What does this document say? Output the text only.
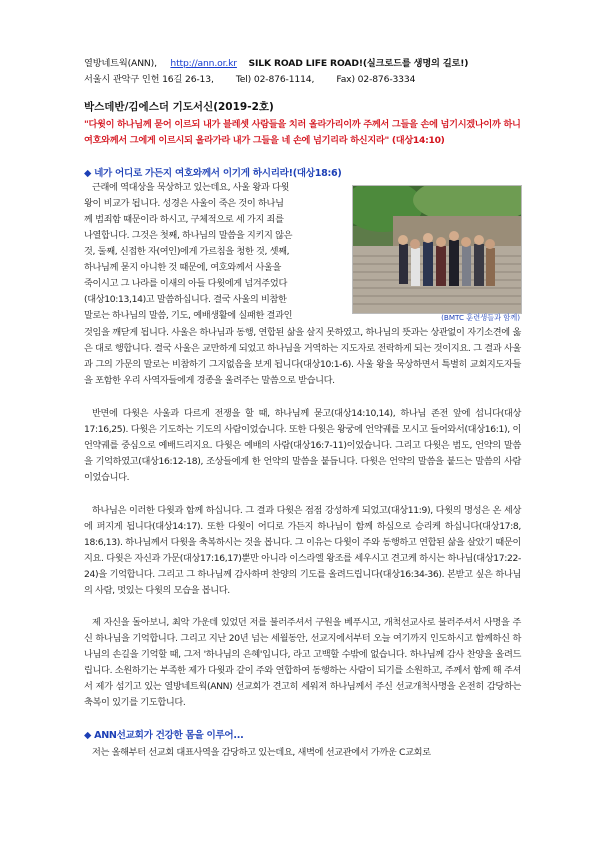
열방네트웍(ANN), http://ann.or.kr SILK ROAD LIFE ROAD!(실크로드를 생명의 길로!)
서울시 관악구 인헌 16길 26-13,        Tel) 02-876-1114,        Fax) 02-876-3334
박스데반/김에스더 기도서신(2019-2호)
"다윗이 하나님께 묻어 이르되 내가 블레셋 사람들을 치러 올라가리이까 주께서 그들을 손에 넘기시겠나이까 하니 여호와께서 그에게 이르시되 올라가라 내가 그들을 네 손에 넘기리라 하신지라" (대상14:10)
◆ 네가 어디로 가든지 여호와께서 이기게 하시리라!(대상18:6)
(BMTC 훈련생들과 함께)
근래에 역대상을 묵상하고 있는데요, 사울 왕과 다윗
왕이 비교가 됩니다. 성경은 사울이 죽은 것이 하나님
께 범죄함 때문이라 하시고, 구체적으로 세 가지 죄를
나열합니다. 그것은 첫째, 하나님의 말씀을 지키지 않은
것, 둘째, 신접한 자(여인)에게 가르침을 청한 것, 셋째,
하나님께 묻지 아니한 것 때문에, 여호와께서 사울을
죽이시고 그 나라를 이새의 아들 다윗에게 넘겨주었다
(대상10:13,14)고 말씀하십니다. 결국 사울의 비참한
말로는 하나님의 말씀, 기도, 예배생활에 실패한 결과인
것임을 깨닫게 됩니다. 사울은 하나님과 동행, 연합된 삶을 살지 못하였고, 하나님의 뜻과는 상관없이 자기소견에 옳은 대로 행합니다. 결국 사울은 교만하게 되었고 하나님을 거역하는 지도자로 전락하게 되는 것이지요. 그 결과 사울과 그의 가문의 말로는 비참하기 그지없음을 보게 됩니다(대상10:1-6). 사울 왕을 묵상하면서 특별히 교회지도자들을 포함한 우리 사역자들에게 경종을 울려주는 말씀으로 받습니다.
반면에 다윗은 사울과 다르게 전쟁을 할 때, 하나님께 묻고(대상14:10,14), 하나님 존전 앞에 섭니다(대상17:16,25). 다윗은 기도하는 기도의 사람이었습니다. 또한 다윗은 왕궁에 언약궤를 모시고 들어와서(대상16:1), 이 언약궤를 중심으로 예배드리지요. 다윗은 예배의 사람(대상16:7-11)이었습니다. 그리고 다윗은 범도, 언약의 말씀을 기억하였고(대상16:12-18), 조상들에게 한 언약의 말씀을 붙듭니다. 다윗은 언약의 말씀을 붙드는 말씀의 사람이었습니다.
하나님은 이러한 다윗과 함께 하십니다. 그 결과 다윗은 점점 강성하게 되었고(대상11:9), 다윗의 명성은 온 세상에 퍼지게 됩니다(대상14:17). 또한 다윗이 어디로 가든지 하나님이 함께 하심으로 승리케 하십니다(대상17:8, 18:6,13). 하나님께서 다윗을 축복하시는 것을 봅니다. 그 이유는 다윗이 주와 동행하고 연합된 삶을 살았기 때문이지요. 다윗은 자신과 가문(대상17:16,17)뿐만 아니라 이스라엘 왕조를 세우시고 견고케 하시는 하나님(대상17:22-24)을 기억합니다. 그리고 그 하나님께 감사하며 찬양의 기도를 올려드립니다(대상16:34-36). 본받고 싶은 하나님의 사람, 멋있는 다윗의 모습을 봅니다.
제 자신을 돌아보니, 최악 가운데 있었던 저를 불러주셔서 구원을 베푸시고, 개척선교사로 불러주셔서 사명을 주신 하나님을 기억합니다. 그리고 지난 20년 넘는 세월동안, 선교지에서부터 오늘 여기까지 인도하시고 함께하신 하나님의 손길을 기억할 때, 그저 '하나님의 은혜'입니다, 라고 고백할 수밖에 없습니다. 하나님께 감사 찬양을 올려드립니다. 소원하기는 부족한 제가 다윗과 같이 주와 연합하여 동행하는 사람이 되기를 소원하고, 주께서 함께 해 주셔서 제가 섬기고 있는 열방네트웍(ANN) 선교회가 견고히 세워져 하나님께서 주신 선교개척사명을 온전히 감당하는 축복이 있기를 기도합니다.
◆ ANN선교회가 건강한 몸을 이루어...
저는 올해부터 선교회 대표사역을 감당하고 있는데요, 새벽에 선교관에서 가까운 C교회로
